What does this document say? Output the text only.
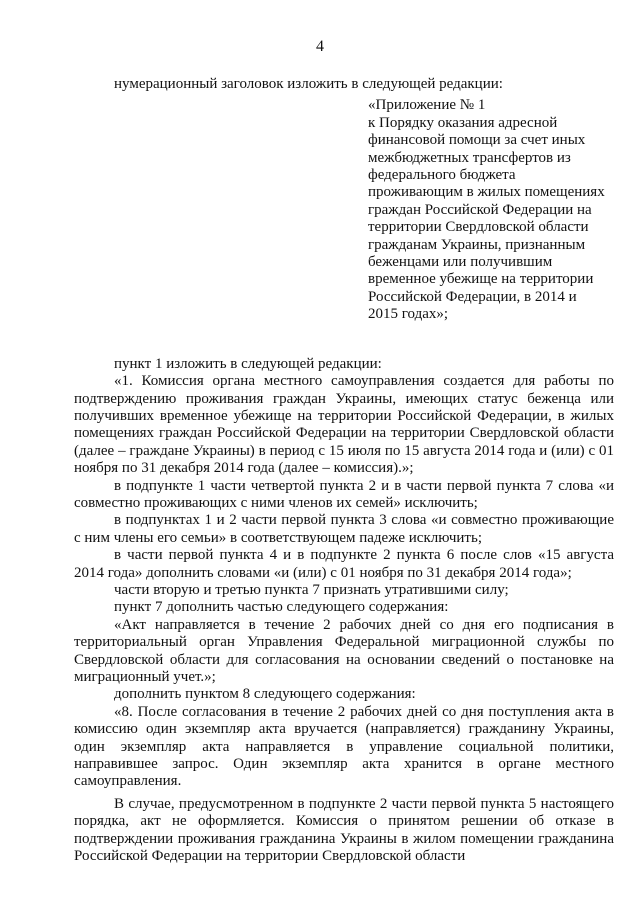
4

нумерационный заголовок изложить в следующей редакции:

«Приложение № 1
к Порядку оказания адресной
финансовой помощи за счет иных
межбюджетных трансфертов из
федерального бюджета
проживающим в жилых помещениях
граждан Российской Федерации на
территории Свердловской области
гражданам Украины, признанным
беженцами или получившим
временное убежище на территории
Российской Федерации, в 2014 и
2015 годах»;

пункт 1 изложить в следующей редакции:

«1. Комиссия органа местного самоуправления создается для работы по подтверждению проживания граждан Украины, имеющих статус беженца или получивших временное убежище на территории Российской Федерации, в жилых помещениях граждан Российской Федерации на территории Свердловской области (далее – граждане Украины) в период с 15 июля по 15 августа 2014 года и (или) с 01 ноября по 31 декабря 2014 года (далее – комиссия).»;

в подпункте 1 части четвертой пункта 2 и в части первой пункта 7 слова «и совместно проживающих с ними членов их семей» исключить;

в подпунктах 1 и 2 части первой пункта 3 слова «и совместно проживающие с ним члены его семьи» в соответствующем падеже исключить;

в части первой пункта 4 и в подпункте 2 пункта 6 после слов «15 августа 2014 года» дополнить словами «и (или) с 01 ноября по 31 декабря 2014 года»;

части вторую и третью пункта 7 признать утратившими силу;

пункт 7 дополнить частью следующего содержания:

«Акт направляется в течение 2 рабочих дней со дня его подписания в территориальный орган Управления Федеральной миграционной службы по Свердловской области для согласования на основании сведений о постановке на миграционный учет.»;

дополнить пунктом 8 следующего содержания:

«8. После согласования в течение 2 рабочих дней со дня поступления акта в комиссию один экземпляр акта вручается (направляется) гражданину Украины, один экземпляр акта направляется в управление социальной политики, направившее запрос. Один экземпляр акта хранится в органе местного самоуправления.

В случае, предусмотренном в подпункте 2 части первой пункта 5 настоящего порядка, акт не оформляется. Комиссия о принятом решении об отказе в подтверждении проживания гражданина Украины в жилом помещении гражданина Российской Федерации на территории Свердловской области
